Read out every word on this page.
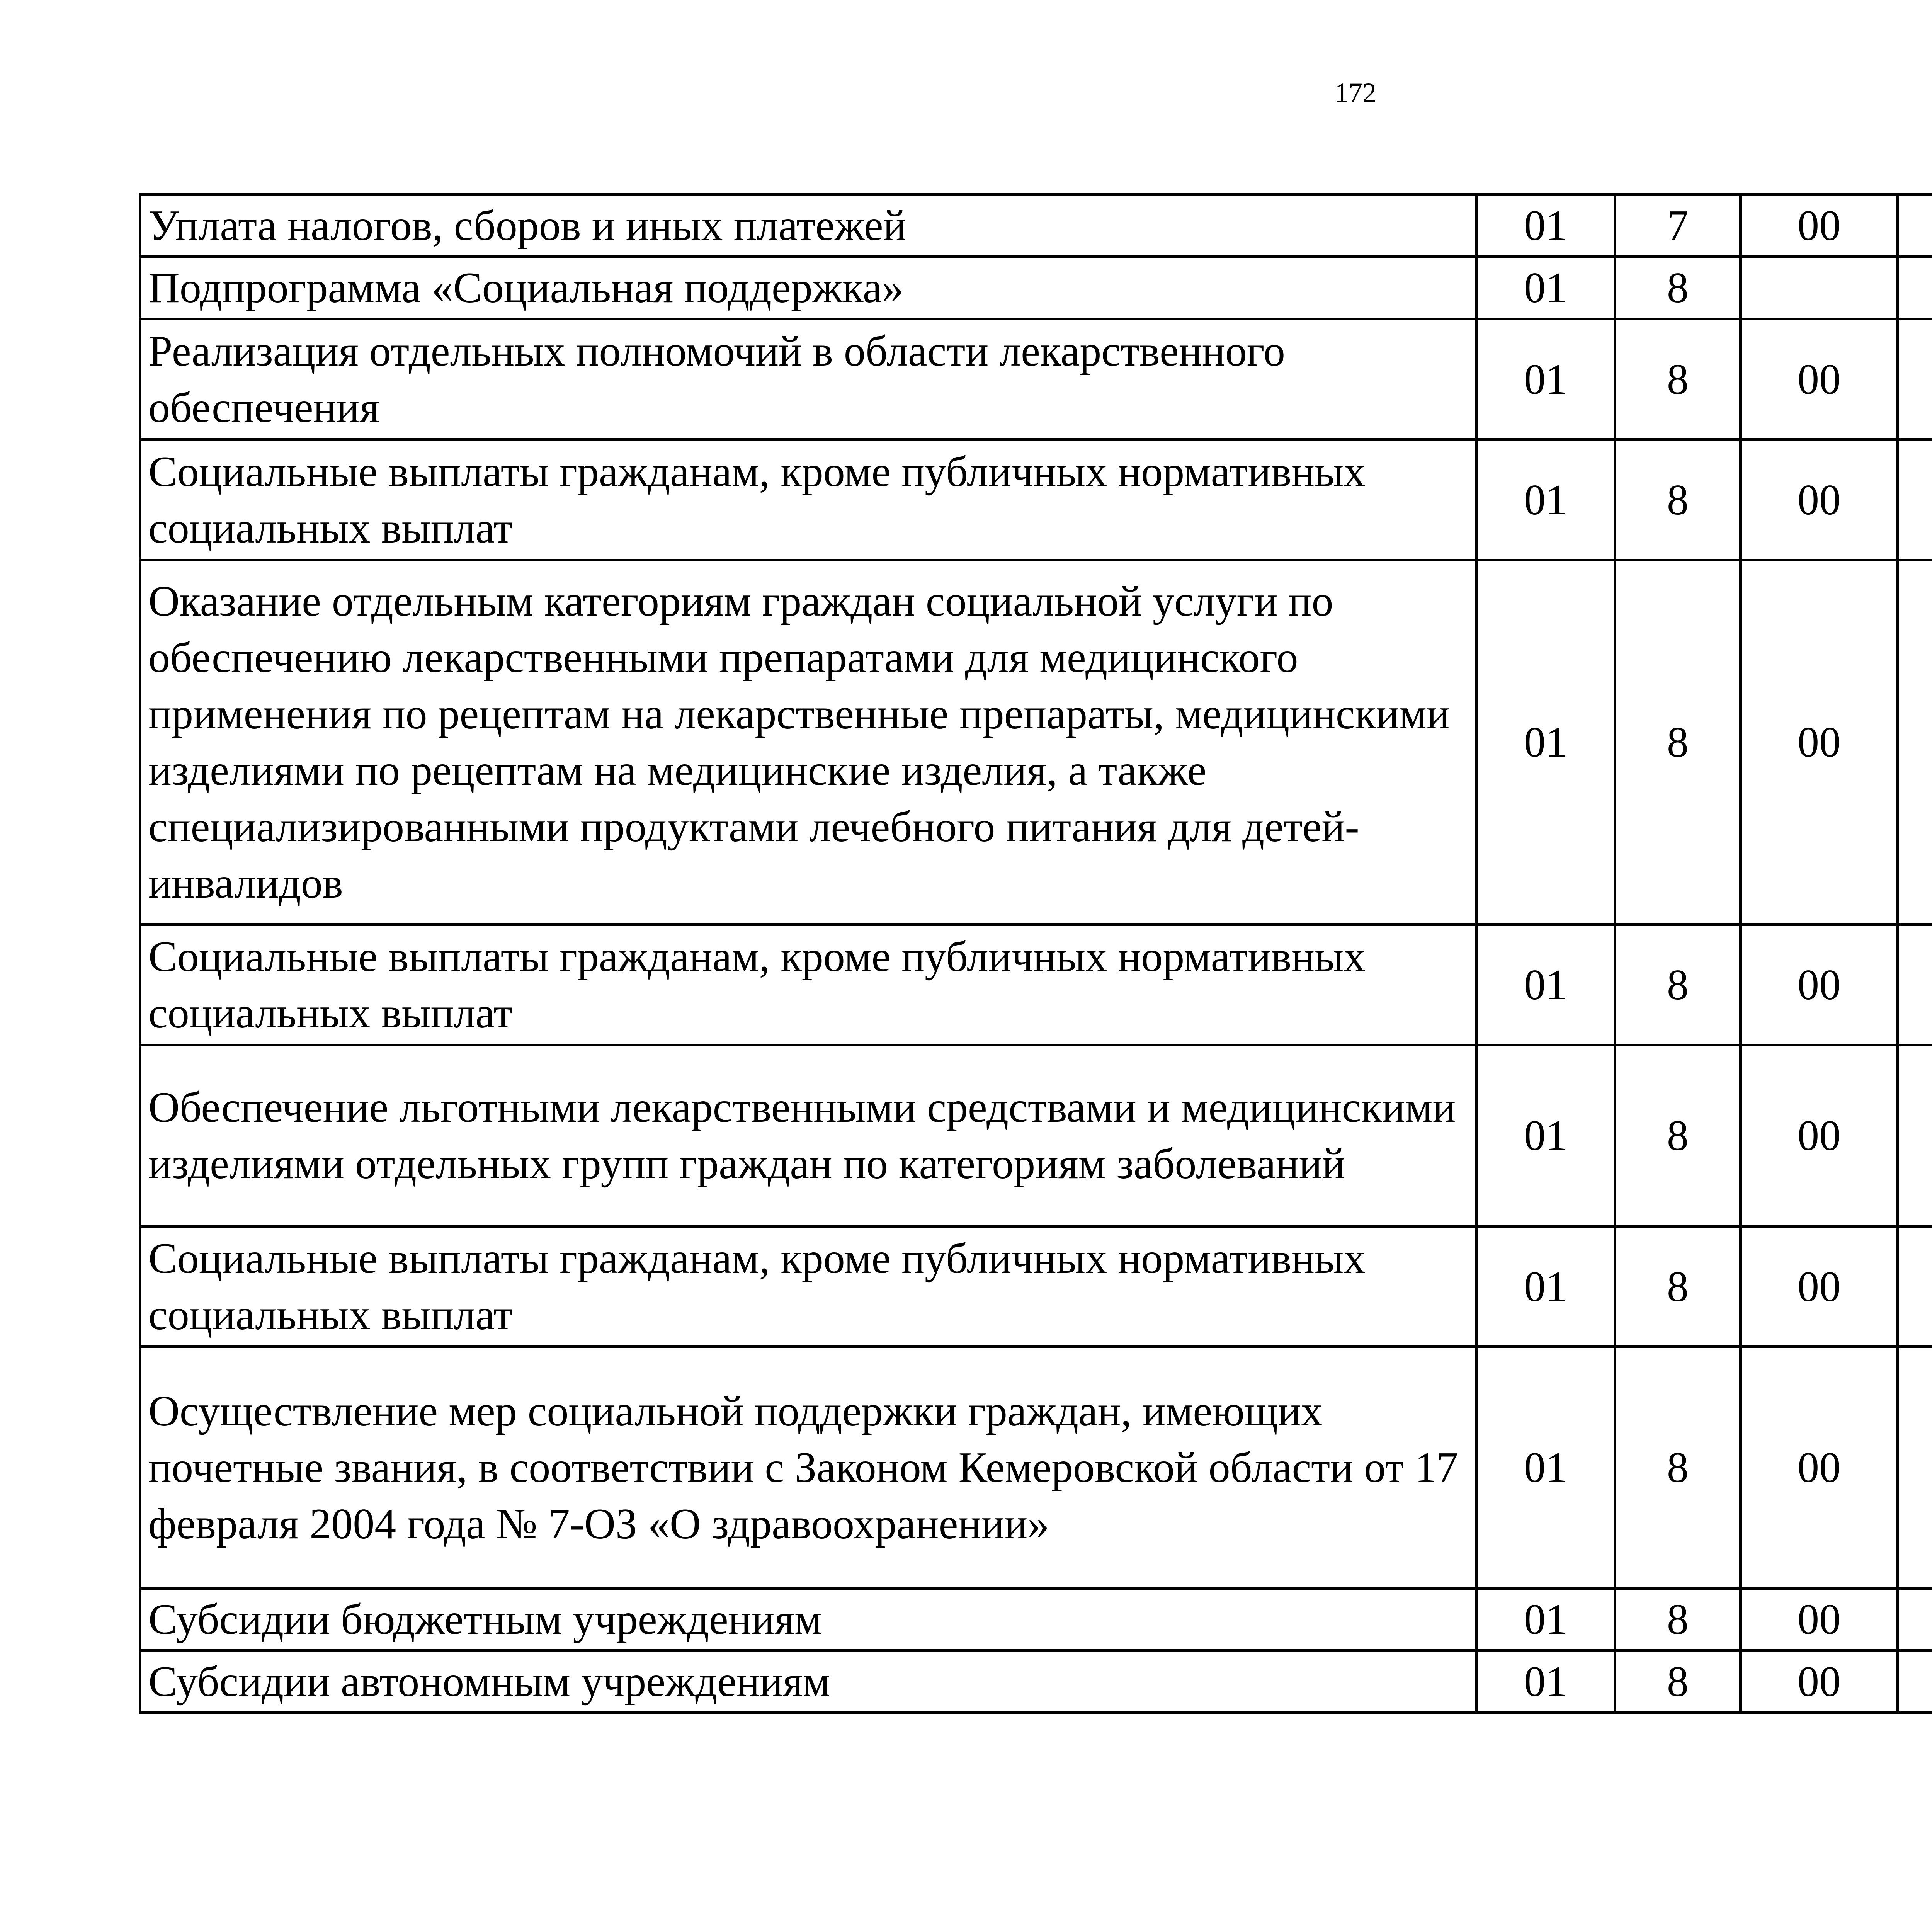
172
Уплата налогов, сборов и иных платежей	01	7	00			
Подпрограмма «Социальная поддержка»	01	8				
Реализация отдельных полномочий в области лекарственного обеспечения	01	8	00			
Социальные выплаты гражданам, кроме публичных нормативных социальных выплат	01	8	00			
Оказание отдельным категориям граждан социальной услуги по обеспечению лекарственными препаратами для медицинского применения по рецептам на лекарственные препараты, медицинскими изделиями по рецептам на медицинские изделия, а также специализированными продуктами лечебного питания для детей-инвалидов	01	8	00			
Социальные выплаты гражданам, кроме публичных нормативных социальных выплат	01	8	00			
Обеспечение льготными лекарственными средствами и медицинскими изделиями отдельных групп граждан по категориям заболеваний	01	8	00			
Социальные выплаты гражданам, кроме публичных нормативных социальных выплат	01	8	00			
Осуществление мер социальной поддержки граждан, имеющих почетные звания, в соответствии с Законом Кемеровской области от 17 февраля 2004 года № 7-ОЗ «О здравоохранении»	01	8	00			
Субсидии бюджетным учреждениям	01	8	00			
Субсидии автономным учреждениям	01	8	00			
